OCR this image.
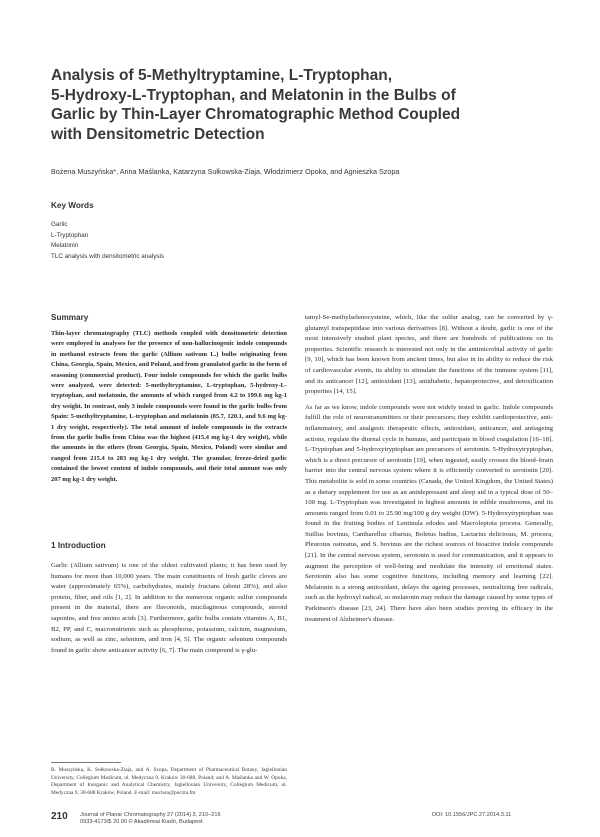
Analysis of 5-Methyltryptamine, L-Tryptophan,
5-Hydroxy-L-Tryptophan, and Melatonin in the Bulbs of
Garlic by Thin-Layer Chromatographic Method Coupled
with Densitometric Detection
Bożena Muszyńska*, Anna Maślanka, Katarzyna Sułkowska-Ziaja, Włodzimierz Opoka, and Agnieszka Szopa
Key Words
Garlic
L-Tryptophan
Melatonin
TLC analysis with densitometric analysis
Summary

Thin-layer chromatography (TLC) methods coupled with densitometric detection were employed in analyses for the presence of non-hallucinogenic indole compounds in methanol extracts from the garlic (Allium sativum L.) bulbs originating from China, Georgia, Spain, Mexico, and Poland, and from granulated garlic in the form of seasoning (commercial product). Four indole compounds for which the garlic bulbs were analyzed, were detected: 5-methyltryptamine, L-tryptophan, 5-hydroxy-L-tryptophan, and melatonin, the amounts of which ranged from 4.2 to 199.6 mg kg-1 dry weight. In contrast, only 3 indole compounds were found in the garlic bulbs from Spain: 5-methyltryptamine, L-tryptophan and melatonin (85.7, 120.1, and 9.6 mg kg-1 dry weight, respectively). The total amount of indole compounds in the extracts from the garlic bulbs from China was the highest (415.4 mg kg-1 dry weight), while the amounts in the others (from Georgia, Spain, Mexico, Poland) were similar and ranged from 215.4 to 283 mg kg-1 dry weight. The granular, freeze-dried garlic contained the lowest content of indole compounds, and their total amount was only 207 mg kg-1 dry weight.

1 Introduction

Garlic (Allium sativum) is one of the oldest cultivated plants; it has been used by humans for more than 10,000 years. The main constituents of fresh garlic cloves are water (approximately 65%), carbohydrates, mainly fructans (about 28%), and also protein, fiber, and oils [1, 2]. In addition to the numerous organic sulfur compounds present in the material, there are flavonoids, mucilaginous compounds, steroid saponins, and free amino acids [3]. Furthermore, garlic bulbs contain vitamins A, B1, B2, PP, and C, macronutrients such as phosphorus, potassium, calcium, magnesium, sodium, as well as zinc, selenium, and iron [4, 5]. The organic selenium compounds found in garlic show anticancer activity [6, 7]. The main compound is γ-glu-

tamyl-Se-methylselenocysteine, which, like the sulfur analog, can be converted by γ-glutamyl transpeptidase into various derivatives [8]. Without a doubt, garlic is one of the most intensively studied plant species, and there are hundreds of publications on its properties. Scientific research is interested not only in the antimicrobial activity of garlic [9, 10], which has been known from ancient times, but also in its ability to reduce the risk of cardiovascular events, its ability to stimulate the functions of the immune system [11], and its anticancer [12], antioxidant [13], antidiabetic, hepatoprotective, and detoxification properties [14, 15].

As far as we know, indole compounds were not widely tested in garlic. Indole compounds fulfill the role of neurotransmitters or their precursors; they exhibit cardioprotective, anti-inflammatory, and analgesic therapeutic effects, antioxidant, anticancer, and antiageing actions, regulate the diurnal cycle in humans, and participate in blood coagulation [16–18]. L-Tryptophan and 5-hydroxytryptophan are precursors of serotonin. 5-Hydroxytryptophan, which is a direct precursor of serotonin [19], when ingested, easily crosses the blood–brain barrier into the central nervous system where it is efficiently converted to serotonin [20]. This metabolite is sold in some countries (Canada, the United Kingdom, the United States) as a dietary supplement for use as an antidepressant and sleep aid in a typical dose of 50–100 mg. L-Tryptophan was investigated in highest amounts in edible mushrooms, and its amounts ranged from 0.01 to 25.90 mg/100 g dry weight (DW). 5-Hydroxytryptophan was found in the fruiting bodies of Lentinula edodes and Macrolepiota procera. Generally, Suillus bovinus, Cantharellus cibarius, Boletus badius, Lactarius deliciosus, M. procera, Pleurotus ostreatus, and S. bovinus are the richest sources of bioactive indole compounds [21]. In the central nervous system, serotonin is used for communication, and it appears to augment the perception of well-being and modulate the intensity of emotional states. Serotonin also has some cognitive functions, including memory and learning [22]. Melatonin is a strong antioxidant, delays the ageing processes, neutralizing free radicals, such as the hydroxyl radical, so melatonin may reduce the damage caused by some types of Parkinson's disease [23, 24]. There have also been studies proving its efficacy in the treatment of Alzheimer's disease.

B. Muszyńska, K. Sułkowska-Ziaja, and A. Szopa, Department of Pharmaceutical Botany, Jagiellonian University, Collegium Medicum, ul. Medyczna 9, Kraków 30-688, Poland; and A. Maślanka and W. Opoka, Department of Inorganic and Analytical Chemistry, Jagiellonian University, Collegium Medicum, ul. Medyczna 9, 30-688 Kraków, Poland. E-mail: muchon@poczta.fm

210 Journal of Planar Chromatography 27 (2014) 3, 210–216
0933-4173/$ 20.00 © Akadémiai Kiadó, Budapest
DOI: 10.1556/JPC.27.2014.3.11
